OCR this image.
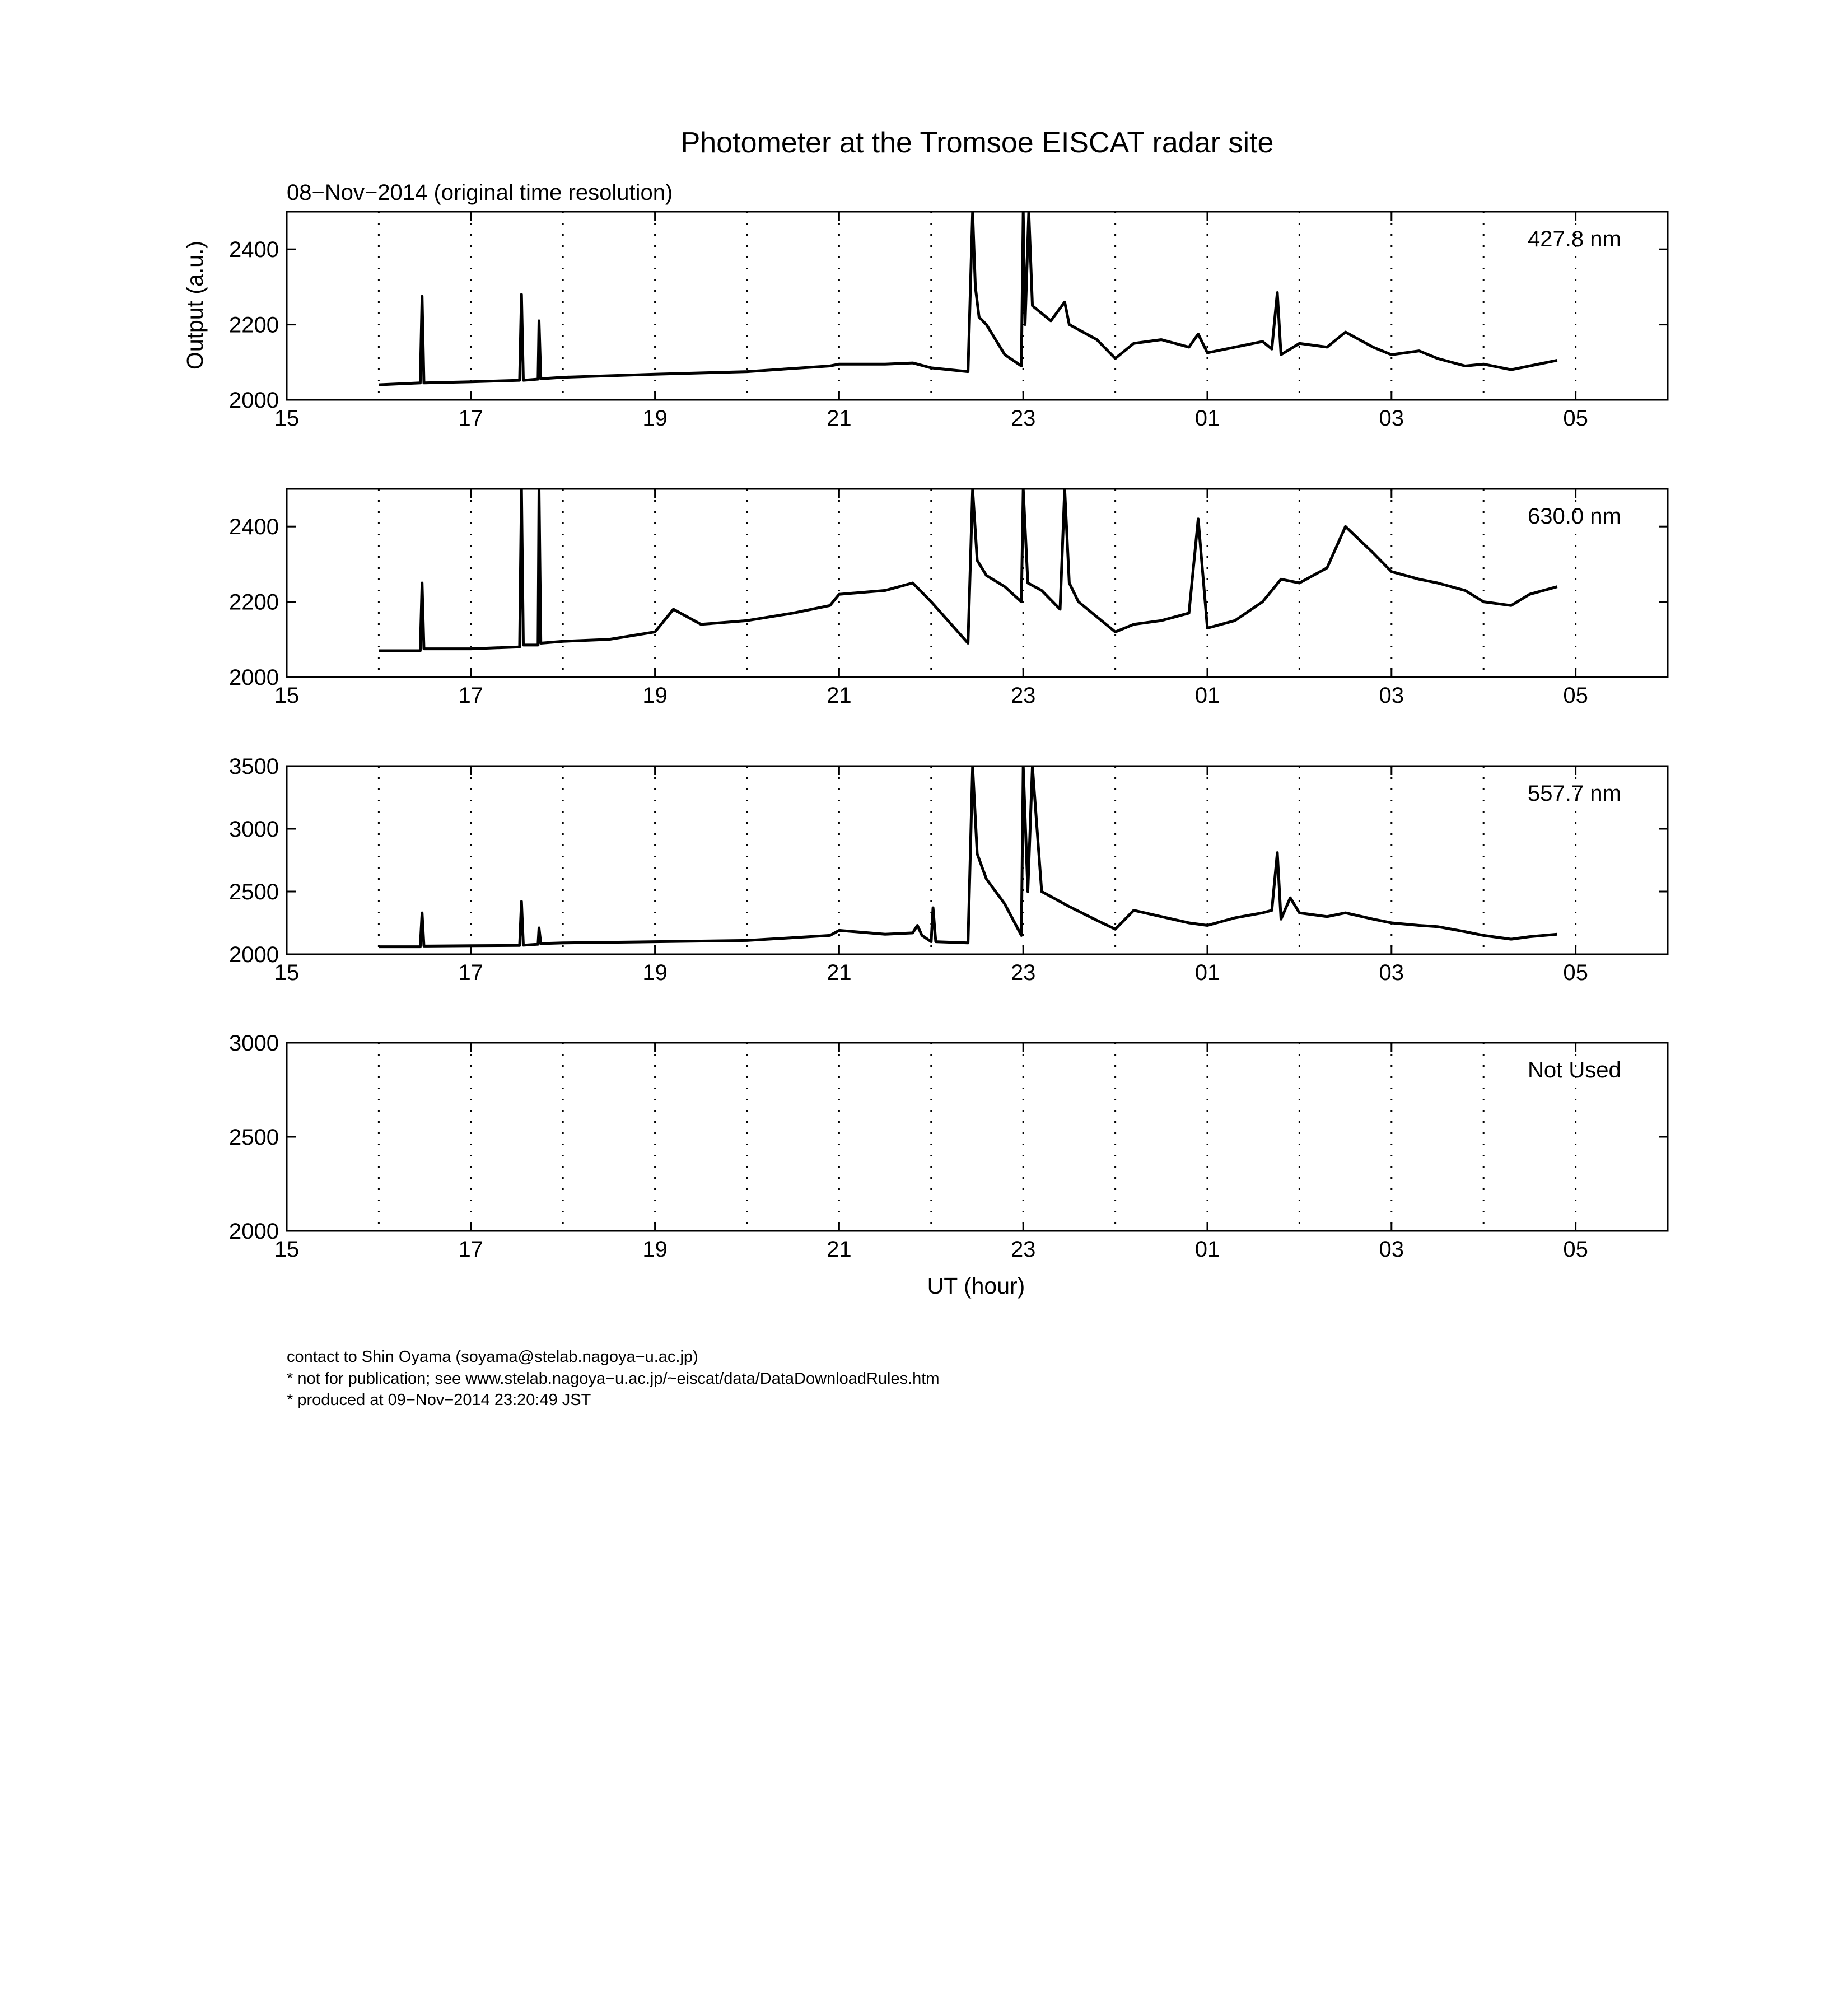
Photometer at the Tromsoe EISCAT radar site
08−Nov−2014 (original time resolution)
Output (a.u.)
UT (hour)
contact to Shin Oyama (soyama@stelab.nagoya−u.ac.jp)
* not for publication; see www.stelab.nagoya−u.ac.jp/~eiscat/data/DataDownloadRules.htm
* produced at 09−Nov−2014 23:20:49 JST
15	17	19	21	23	01	03	05
2000
2200
2400	427.8 nm
15	17	19	21	23	01	03	05
2000
2200
2400	630.0 nm
15	17	19	21	23	01	03	05
2000
2500
3000
3500
557.7 nm
15	17	19	21	23	01	03	05
2000
2500
3000
Not Used
